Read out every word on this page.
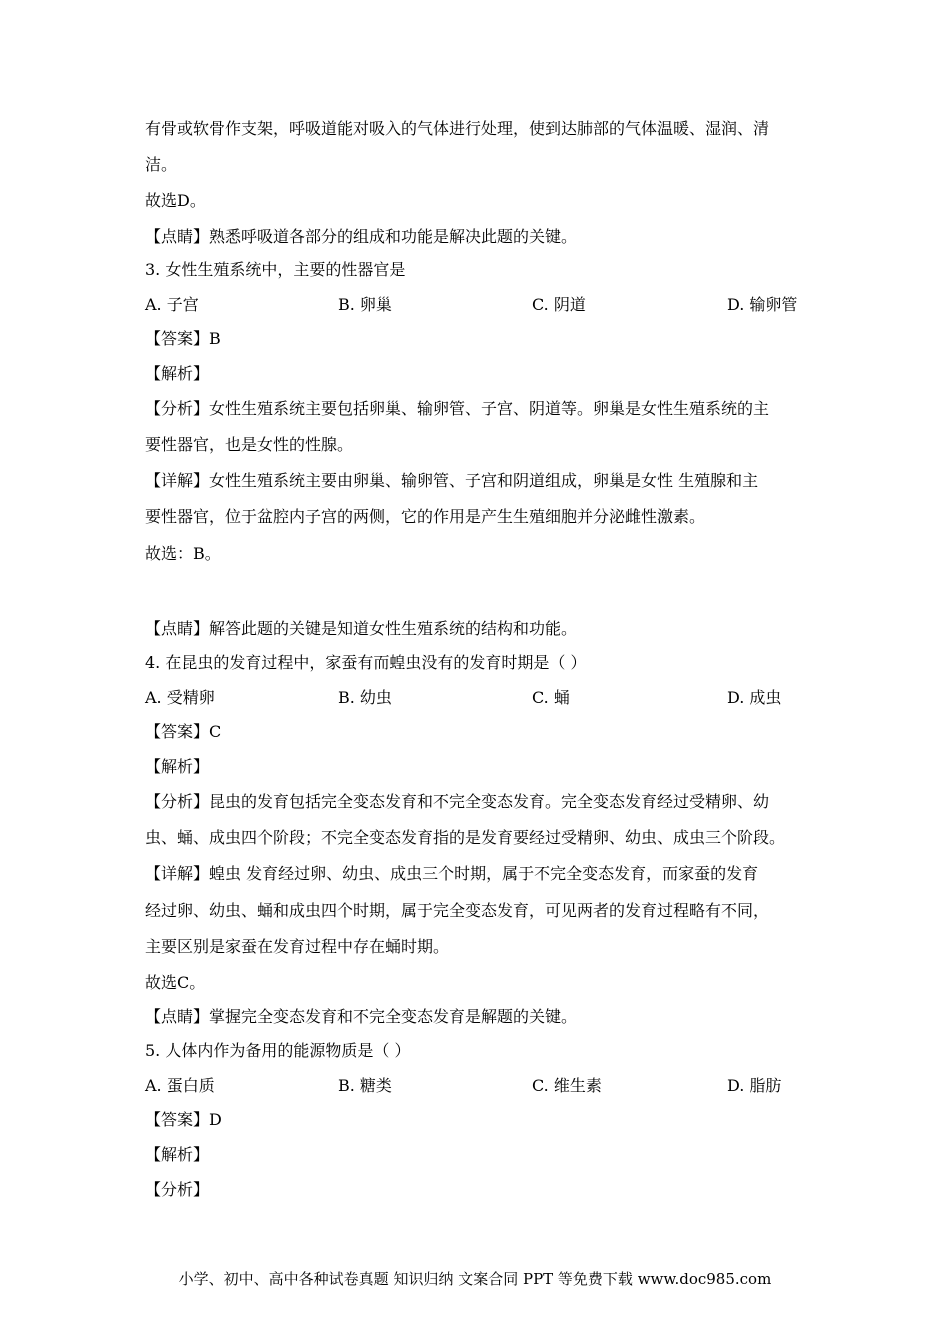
有骨或软骨作支架，呼吸道能对吸入的气体进行处理，使到达肺部的气体温暖、湿润、清
洁。
故选D。
【点睛】熟悉呼吸道各部分的组成和功能是解决此题的关键。
3. 女性生殖系统中，主要的性器官是
A. 子宫	B. 卵巢	C. 阴道	D. 输卵管
【答案】B
【解析】
【分析】女性生殖系统主要包括卵巢、输卵管、子宫、阴道等。卵巢是女性生殖系统的主
要性器官，也是女性的性腺。
【详解】女性生殖系统主要由卵巢、输卵管、子宫和阴道组成，卵巢是女性 生殖腺和主
要性器官，位于盆腔内子宫的两侧，它的作用是产生生殖细胞并分泌雌性激素。
故选：B。
【点睛】解答此题的关键是知道女性生殖系统的结构和功能。
4. 在昆虫的发育过程中，家蚕有而蝗虫没有的发育时期是（ ）
A. 受精卵	B. 幼虫	C. 蛹	D. 成虫
【答案】C
【解析】
【分析】昆虫的发育包括完全变态发育和不完全变态发育。完全变态发育经过受精卵、幼
虫、蛹、成虫四个阶段；不完全变态发育指的是发育要经过受精卵、幼虫、成虫三个阶段。
【详解】蝗虫 发育经过卵、幼虫、成虫三个时期，属于不完全变态发育，而家蚕的发育
经过卵、幼虫、蛹和成虫四个时期，属于完全变态发育，可见两者的发育过程略有不同，
主要区别是家蚕在发育过程中存在蛹时期。
故选C。
【点睛】掌握完全变态发育和不完全变态发育是解题的关键。
5. 人体内作为备用的能源物质是（ ）
A. 蛋白质	B. 糖类	C. 维生素	D. 脂肪
【答案】D
【解析】
【分析】
小学、初中、高中各种试卷真题 知识归纳 文案合同 PPT 等免费下载 www.doc985.com
